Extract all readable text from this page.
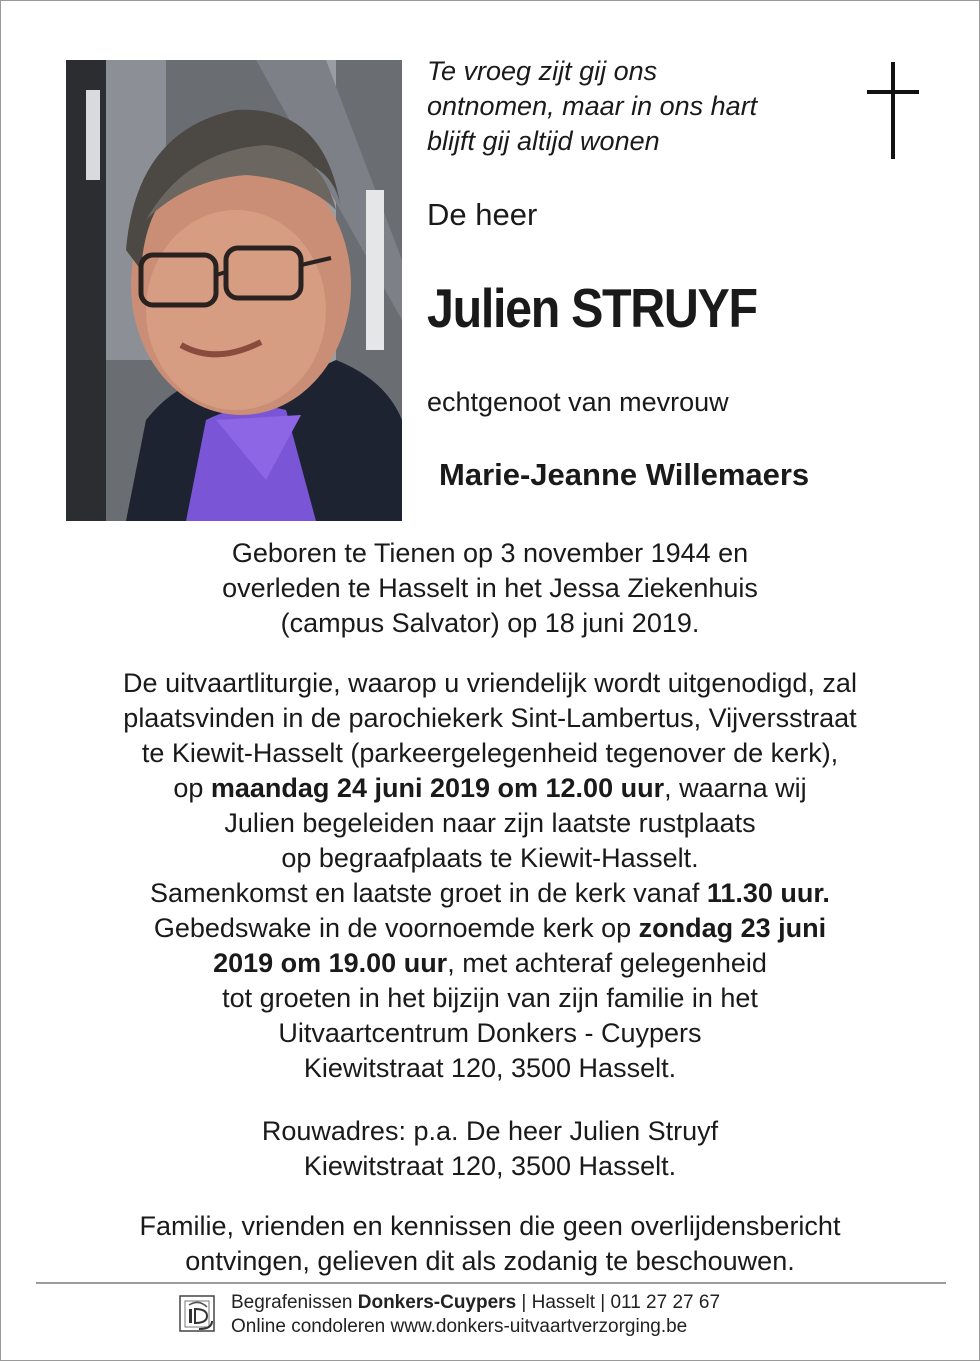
Te vroeg zijt gij ons
ontnomen, maar in ons hart
blijft gij altijd wonen
De heer
Julien STRUYF
echtgenoot van mevrouw
Marie-Jeanne Willemaers
Geboren te Tienen op 3 november 1944 en
overleden te Hasselt in het Jessa Ziekenhuis
(campus Salvator) op 18 juni 2019.
De uitvaartliturgie, waarop u vriendelijk wordt uitgenodigd, zal
plaatsvinden in de parochiekerk Sint-Lambertus, Vijversstraat
te Kiewit-Hasselt (parkeergelegenheid tegenover de kerk),
op maandag 24 juni 2019 om 12.00 uur, waarna wij
Julien begeleiden naar zijn laatste rustplaats
op begraafplaats te Kiewit-Hasselt.
Samenkomst en laatste groet in de kerk vanaf 11.30 uur.
Gebedswake in de voornoemde kerk op zondag 23 juni
2019 om 19.00 uur, met achteraf gelegenheid
tot groeten in het bijzijn van zijn familie in het
Uitvaartcentrum Donkers - Cuypers
Kiewitstraat 120, 3500 Hasselt.
Rouwadres: p.a. De heer Julien Struyf
Kiewitstraat 120, 3500 Hasselt.
Familie, vrienden en kennissen die geen overlijdensbericht
ontvingen, gelieven dit als zodanig te beschouwen.
Begrafenissen Donkers-Cuypers | Hasselt | 011 27 27 67
Online condoleren www.donkers-uitvaartverzorging.be
